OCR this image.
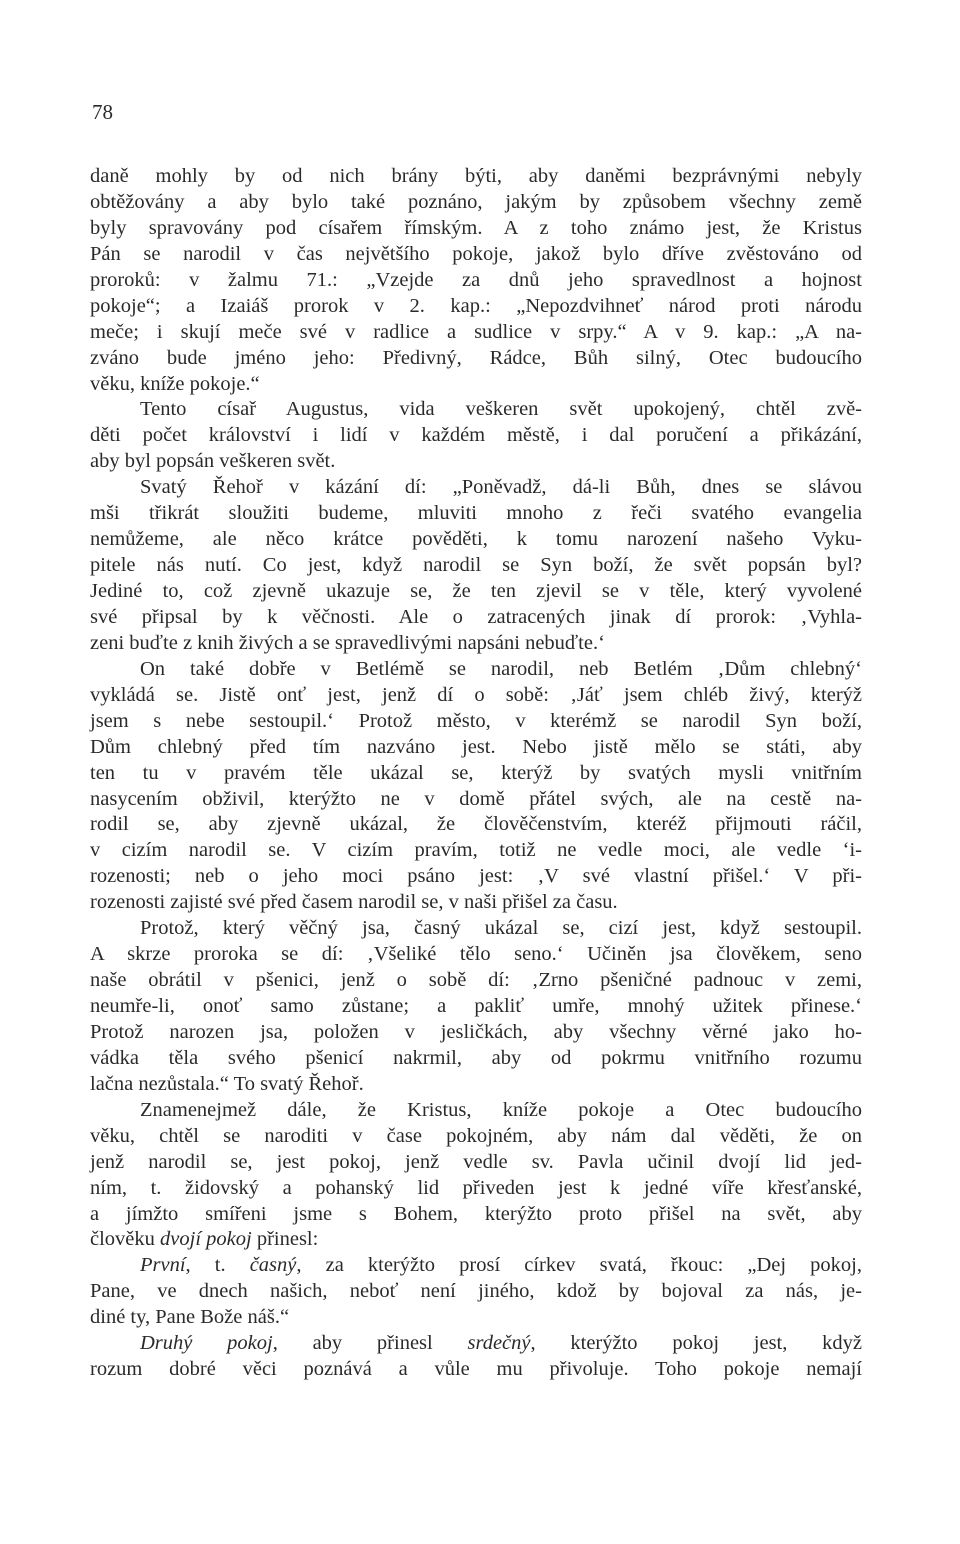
78
daně mohly by od nich brány býti, aby daněmi bezprávnými nebyly
obtěžovány a aby bylo také poznáno, jakým by způsobem všechny země
byly spravovány pod císařem římským. A z toho známo jest, že Kristus
Pán se narodil v čas největšího pokoje, jakož bylo dříve zvěstováno od
proroků: v žalmu 71.: „Vzejde za dnů jeho spravedlnost a hojnost
pokoje“; a Izaiáš prorok v 2. kap.: „Nepozdvihneť národ proti národu
meče; i skují meče své v radlice a sudlice v srpy.“ A v 9. kap.: „A na-
zváno bude jméno jeho: Předivný, Rádce, Bůh silný, Otec budoucího
věku, kníže pokoje.“
Tento císař Augustus, vida veškeren svět upokojený, chtěl zvě-
děti počet království i lidí v každém městě, i dal poručení a přikázání,
aby byl popsán veškeren svět.
Svatý Řehoř v kázání dí: „Poněvadž, dá-li Bůh, dnes se slávou
mši třikrát sloužiti budeme, mluviti mnoho z řeči svatého evangelia
nemůžeme, ale něco krátce pověděti, k tomu narození našeho Vyku-
pitele nás nutí. Co jest, když narodil se Syn boží, že svět popsán byl?
Jediné to, což zjevně ukazuje se, že ten zjevil se v těle, který vyvolené
své připsal by k věčnosti. Ale o zatracených jinak dí prorok: ‚Vyhla-
zeni buďte z knih živých a se spravedlivými napsáni nebuďte.‘
On také dobře v Betlémě se narodil, neb Betlém ‚Dům chlebný‘
vykládá se. Jistě onť jest, jenž dí o sobě: ‚Jáť jsem chléb živý, kterýž
jsem s nebe sestoupil.‘ Protož město, v kterémž se narodil Syn boží,
Dům chlebný před tím nazváno jest. Nebo jistě mělo se státi, aby
ten tu v pravém těle ukázal se, kterýž by svatých mysli vnitřním
nasycením obživil, kterýžto ne v domě přátel svých, ale na cestě na-
rodil se, aby zjevně ukázal, že člověčenstvím, kteréž přijmouti ráčil,
v cizím narodil se. V cizím pravím, totiž ne vedle moci, ale vedle ‘i-
rozenosti; neb o jeho moci psáno jest: ‚V své vlastní přišel.‘ V při-
rozenosti zajisté své před časem narodil se, v naši přišel za času.
Protož, který věčný jsa, časný ukázal se, cizí jest, když sestoupil.
A skrze proroka se dí: ‚Všeliké tělo seno.‘ Učiněn jsa člověkem, seno
naše obrátil v pšenici, jenž o sobě dí: ‚Zrno pšeničné padnouc v zemi,
neumře-li, onoť samo zůstane; a pakliť umře, mnohý užitek přinese.‘
Protož narozen jsa, položen v jesličkách, aby všechny věrné jako ho-
vádka těla svého pšenicí nakrmil, aby od pokrmu vnitřního rozumu
lačna nezůstala.“ To svatý Řehoř.
Znamenejmež dále, že Kristus, kníže pokoje a Otec budoucího
věku, chtěl se naroditi v čase pokojném, aby nám dal věděti, že on
jenž narodil se, jest pokoj, jenž vedle sv. Pavla učinil dvojí lid jed-
ním, t. židovský a pohanský lid přiveden jest k jedné víře křesťanské,
a jímžto smířeni jsme s Bohem, kterýžto proto přišel na svět, aby
člověku dvojí pokoj přinesl:
První, t. časný, za kterýžto prosí církev svatá, řkouc: „Dej pokoj,
Pane, ve dnech našich, neboť není jiného, kdož by bojoval za nás, je-
diné ty, Pane Bože náš.“
Druhý pokoj, aby přinesl srdečný, kterýžto pokoj jest, když
rozum dobré věci poznává a vůle mu přivoluje. Toho pokoje nemají
